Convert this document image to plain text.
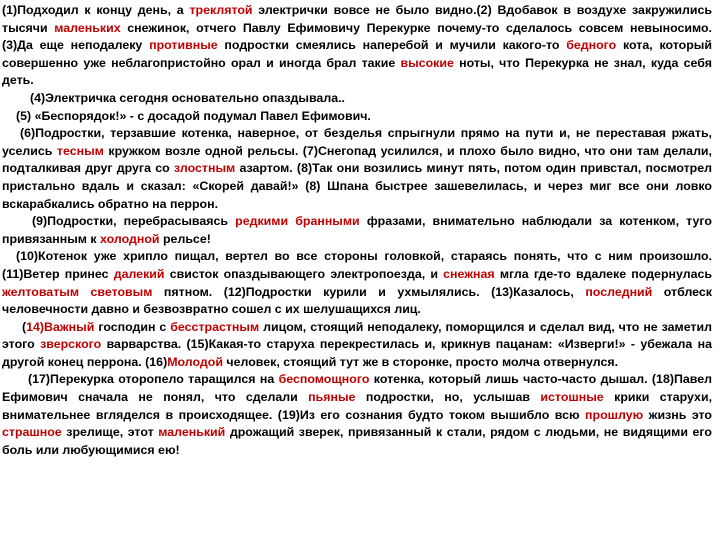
(1)Подходил к концу день, а треклятой электрички вовсе не было видно.(2) Вдобавок в воздухе закружились тысячи маленьких снежинок, отчего Павлу Ефимовичу Перекурке почему-то сделалось совсем невыносимо. (3)Да еще неподалеку противные подростки смеялись наперебой и мучили какого-то бедного кота, который совершенно уже неблагопристойно орал и иногда брал такие высокие ноты, что Перекурка не знал, куда себя деть.

(4)Электричка сегодня основательно опаздывала..

(5) «Беспорядок!» - с досадой подумал Павел Ефимович.

(6)Подростки, терзавшие котенка, наверное, от безделья спрыгнули прямо на пути и, не переставая ржать, уселись тесным кружком возле одной рельсы. (7)Снегопад усилился, и плохо было видно, что они там делали, подталкивая друг друга со злостным азартом. (8)Так они возились минут пять, потом один привстал, посмотрел пристально вдаль и сказал: «Скорей давай!» (8) Шпана быстрее зашевелилась, и через миг все они ловко вскарабкались обратно на перрон.

(9)Подростки, перебрасываясь редкими бранными фразами, внимательно наблюдали за котенком, туго привязанным к холодной рельсе!

(10)Котенок уже хрипло пищал, вертел во все стороны головкой, стараясь понять, что с ним произошло. (11)Ветер принес далекий свисток опаздывающего электропоезда, и снежная мгла где-то вдалеке подернулась желтоватым световым пятном. (12)Подростки курили и ухмылялись. (13)Казалось, последний отблеск человечности давно и безвозвратно сошел с их шелушащихся лиц.

(14)Важный господин с бесстрастным лицом, стоящий неподалеку, поморщился и сделал вид, что не заметил этого зверского варварства. (15)Какая-то старуха перекрестилась и, крикнув пацанам: «Изверги!» - убежала на другой конец перрона. (16)Молодой человек, стоящий тут же в сторонке, просто молча отвернулся.

(17)Перекурка оторопело таращился на беспомощного котенка, который лишь часто-часто дышал. (18)Павел Ефимович сначала не понял, что сделали пьяные подростки, но, услышав истошные крики старухи, внимательнее вгляделся в происходящее. (19)Из его сознания будто током вышибло всю прошлую жизнь это страшное зрелище, этот маленький дрожащий зверек, привязанный к стали, рядом с людьми, не видящими его боль или любующимися ею!
